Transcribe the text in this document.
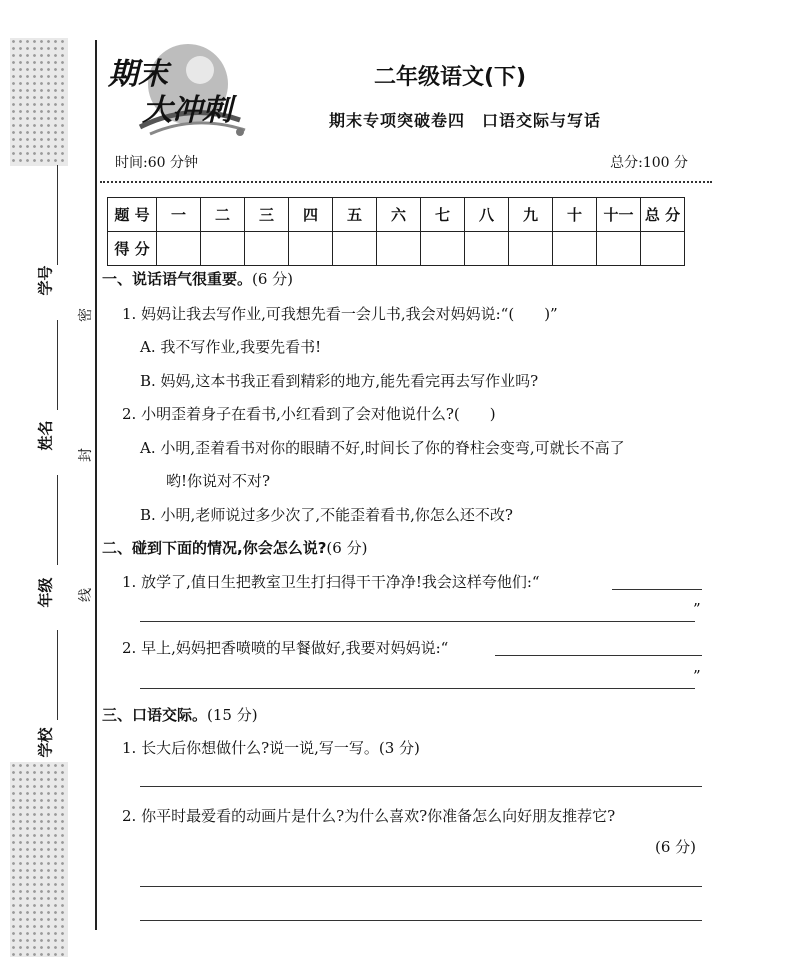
学号
姓名
年级
学校
密
封
线
期末
大冲刺
二年级语文(下)
期末专项突破卷四　口语交际与写话
时间:60 分钟	总分:100 分
题 号	一	二	三	四	五	六	七	八	九	十	十一	总 分
得 分												
一、说话语气很重要。(6 分)
1. 妈妈让我去写作业,可我想先看一会儿书,我会对妈妈说:“(　　)”
A. 我不写作业,我要先看书!
B. 妈妈,这本书我正看到精彩的地方,能先看完再去写作业吗?
2. 小明歪着身子在看书,小红看到了会对他说什么?(　　)
A. 小明,歪着看书对你的眼睛不好,时间长了你的脊柱会变弯,可就长不高了
哟!你说对不对?
B. 小明,老师说过多少次了,不能歪着看书,你怎么还不改?
二、碰到下面的情况,你会怎么说?(6 分)
1. 放学了,值日生把教室卫生打扫得干干净净!我会这样夸他们:“
”
2. 早上,妈妈把香喷喷的早餐做好,我要对妈妈说:“
”
三、口语交际。(15 分)
1. 长大后你想做什么?说一说,写一写。(3 分)
2. 你平时最爱看的动画片是什么?为什么喜欢?你准备怎么向好朋友推荐它?
(6 分)
